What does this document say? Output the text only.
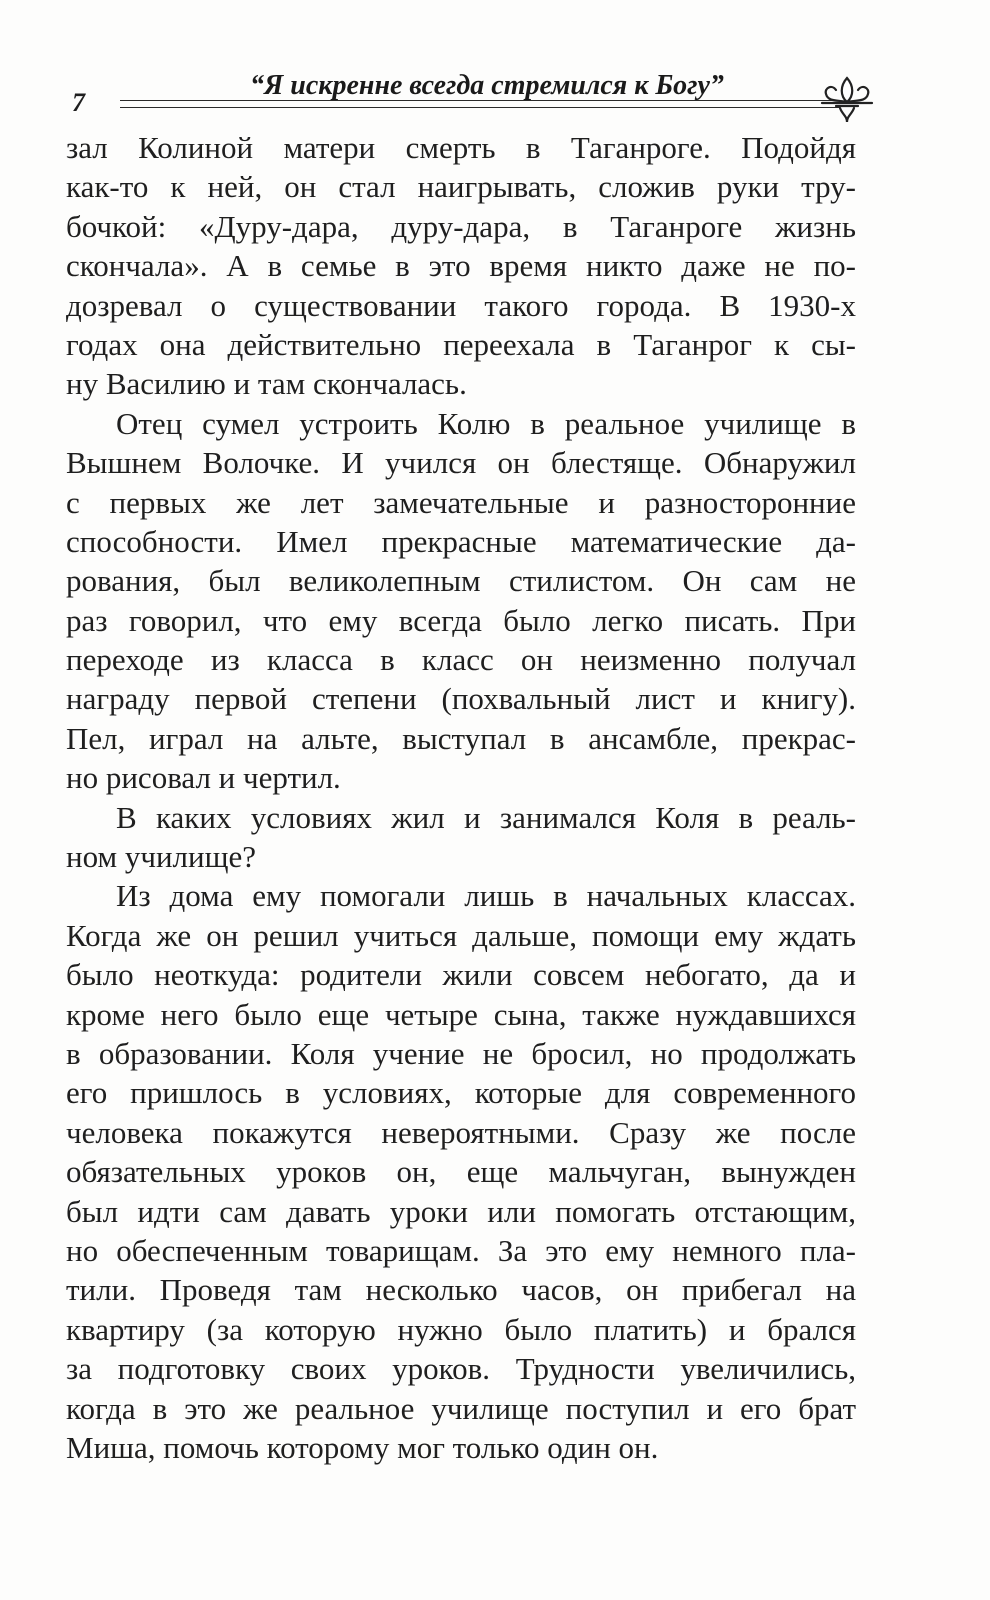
7
“Я искренне всегда стремился к Богу”
зал Колиной матери смерть в Таганроге. Подойдя
как-то к ней, он стал наигрывать, сложив руки тру-
бочкой: «Дуру-дара, дуру-дара, в Таганроге жизнь
скончала». А в семье в это время никто даже не по-
дозревал о существовании такого города. В 1930-х
годах она действительно переехала в Таганрог к сы-
ну Василию и там скончалась.
Отец сумел устроить Колю в реальное училище в
Вышнем Волочке. И учился он блестяще. Обнаружил
с первых же лет замечательные и разносторонние
способности. Имел прекрасные математические да-
рования, был великолепным стилистом. Он сам не
раз говорил, что ему всегда было легко писать. При
переходе из класса в класс он неизменно получал
награду первой степени (похвальный лист и книгу).
Пел, играл на альте, выступал в ансамбле, прекрас-
но рисовал и чертил.
В каких условиях жил и занимался Коля в реаль-
ном училище?
Из дома ему помогали лишь в начальных классах.
Когда же он решил учиться дальше, помощи ему ждать
было неоткуда: родители жили совсем небогато, да и
кроме него было еще четыре сына, также нуждавшихся
в образовании. Коля учение не бросил, но продолжать
его пришлось в условиях, которые для современного
человека покажутся невероятными. Сразу же после
обязательных уроков он, еще мальчуган, вынужден
был идти сам давать уроки или помогать отстающим,
но обеспеченным товарищам. За это ему немного пла-
тили. Проведя там несколько часов, он прибегал на
квартиру (за которую нужно было платить) и брался
за подготовку своих уроков. Трудности увеличились,
когда в это же реальное училище поступил и его брат
Миша, помочь которому мог только один он.
